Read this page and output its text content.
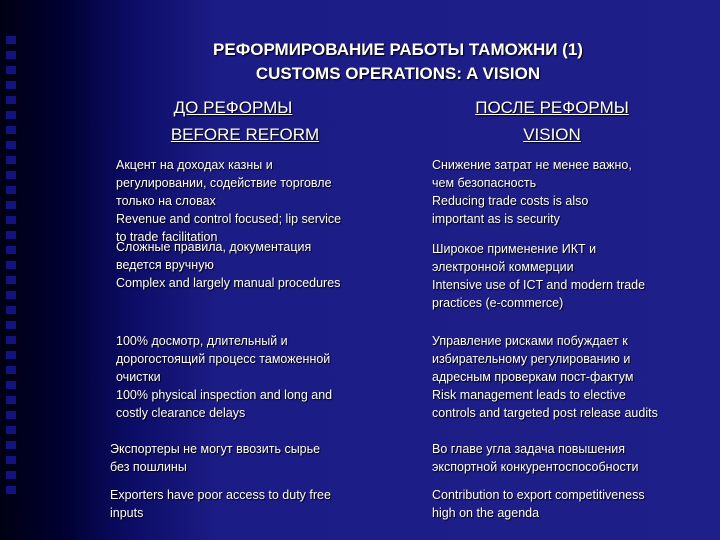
РЕФОРМИРОВАНИЕ РАБОТЫ ТАМОЖНИ (1)
CUSTOMS OPERATIONS: A VISION
ДО РЕФОРМЫ
BEFORE REFORM
ПОСЛЕ РЕФОРМЫ
VISION
Акцент на доходах казны и
регулировании, содействие торговле
только на словах
Revenue and control focused; lip service
to trade facilitation
Снижение затрат не менее важно,
чем безопасность
Reducing trade costs is also
important as is security
Сложные правила, документация
ведется вручную
Complex and largely manual procedures
Широкое применение ИКТ и
электронной коммерции
Intensive use of ICT and modern trade
practices (e-commerce)
100% досмотр, длительный и
дорогостоящий процесс таможенной
очистки
100% physical inspection and long and
costly clearance delays
Управление рисками побуждает к
избирательному регулированию и
адресным проверкам пост-фактум
Risk management leads to elective
controls and targeted post release audits
Экспортеры не могут ввозить сырье
без пошлины
Во главе угла задача повышения
экспортной конкурентоспособности
Exporters have poor access to duty free
inputs
Contribution to export competitiveness
high on the agenda
